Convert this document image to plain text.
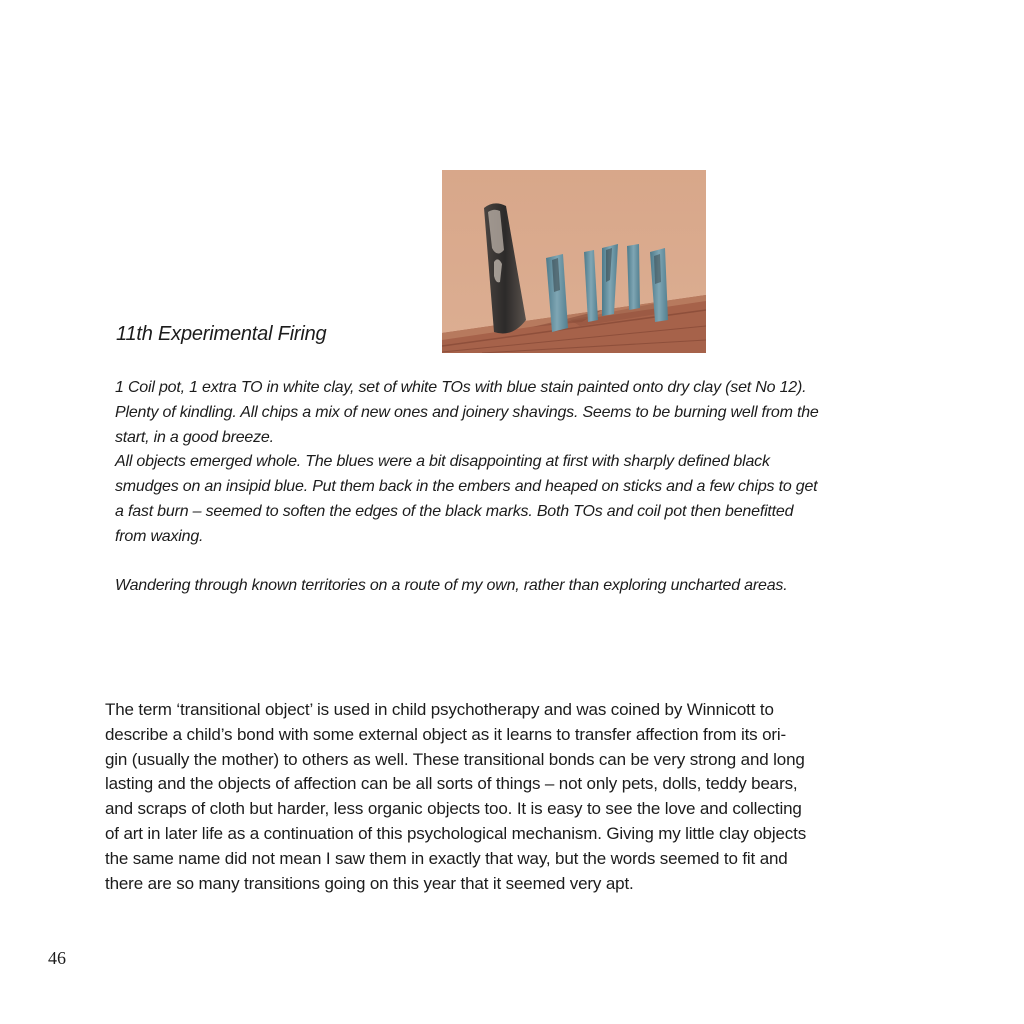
11th Experimental Firing

1 Coil pot, 1 extra TO in white clay, set of white TOs with blue stain painted onto dry clay (set No 12).

Plenty of kindling. All chips a mix of new ones and joinery shavings. Seems to be burning well from the

start, in a good breeze.

All objects emerged whole. The blues were a bit disappointing at first with sharply defined black

smudges on an insipid blue. Put them back in the embers and heaped on sticks and a few chips to get

a fast burn – seemed to soften the edges of the black marks. Both TOs and coil pot then benefitted

from waxing.

Wandering through known territories on a route of my own, rather than exploring uncharted areas.

The term ‘transitional object’ is used in child psychotherapy and was coined by Winnicott to
describe a child’s bond with some external object as it learns to transfer affection from its ori-
gin (usually the mother) to others as well. These transitional bonds can be very strong and long
lasting and the objects of affection can be all sorts of things – not only pets, dolls, teddy bears,
and scraps of cloth but harder, less organic objects too. It is easy to see the love and collecting
of art in later life as a continuation of this psychological mechanism. Giving my little clay objects
the same name did not mean I saw them in exactly that way, but the words seemed to fit and
there are so many transitions going on this year that it seemed very apt.
46
